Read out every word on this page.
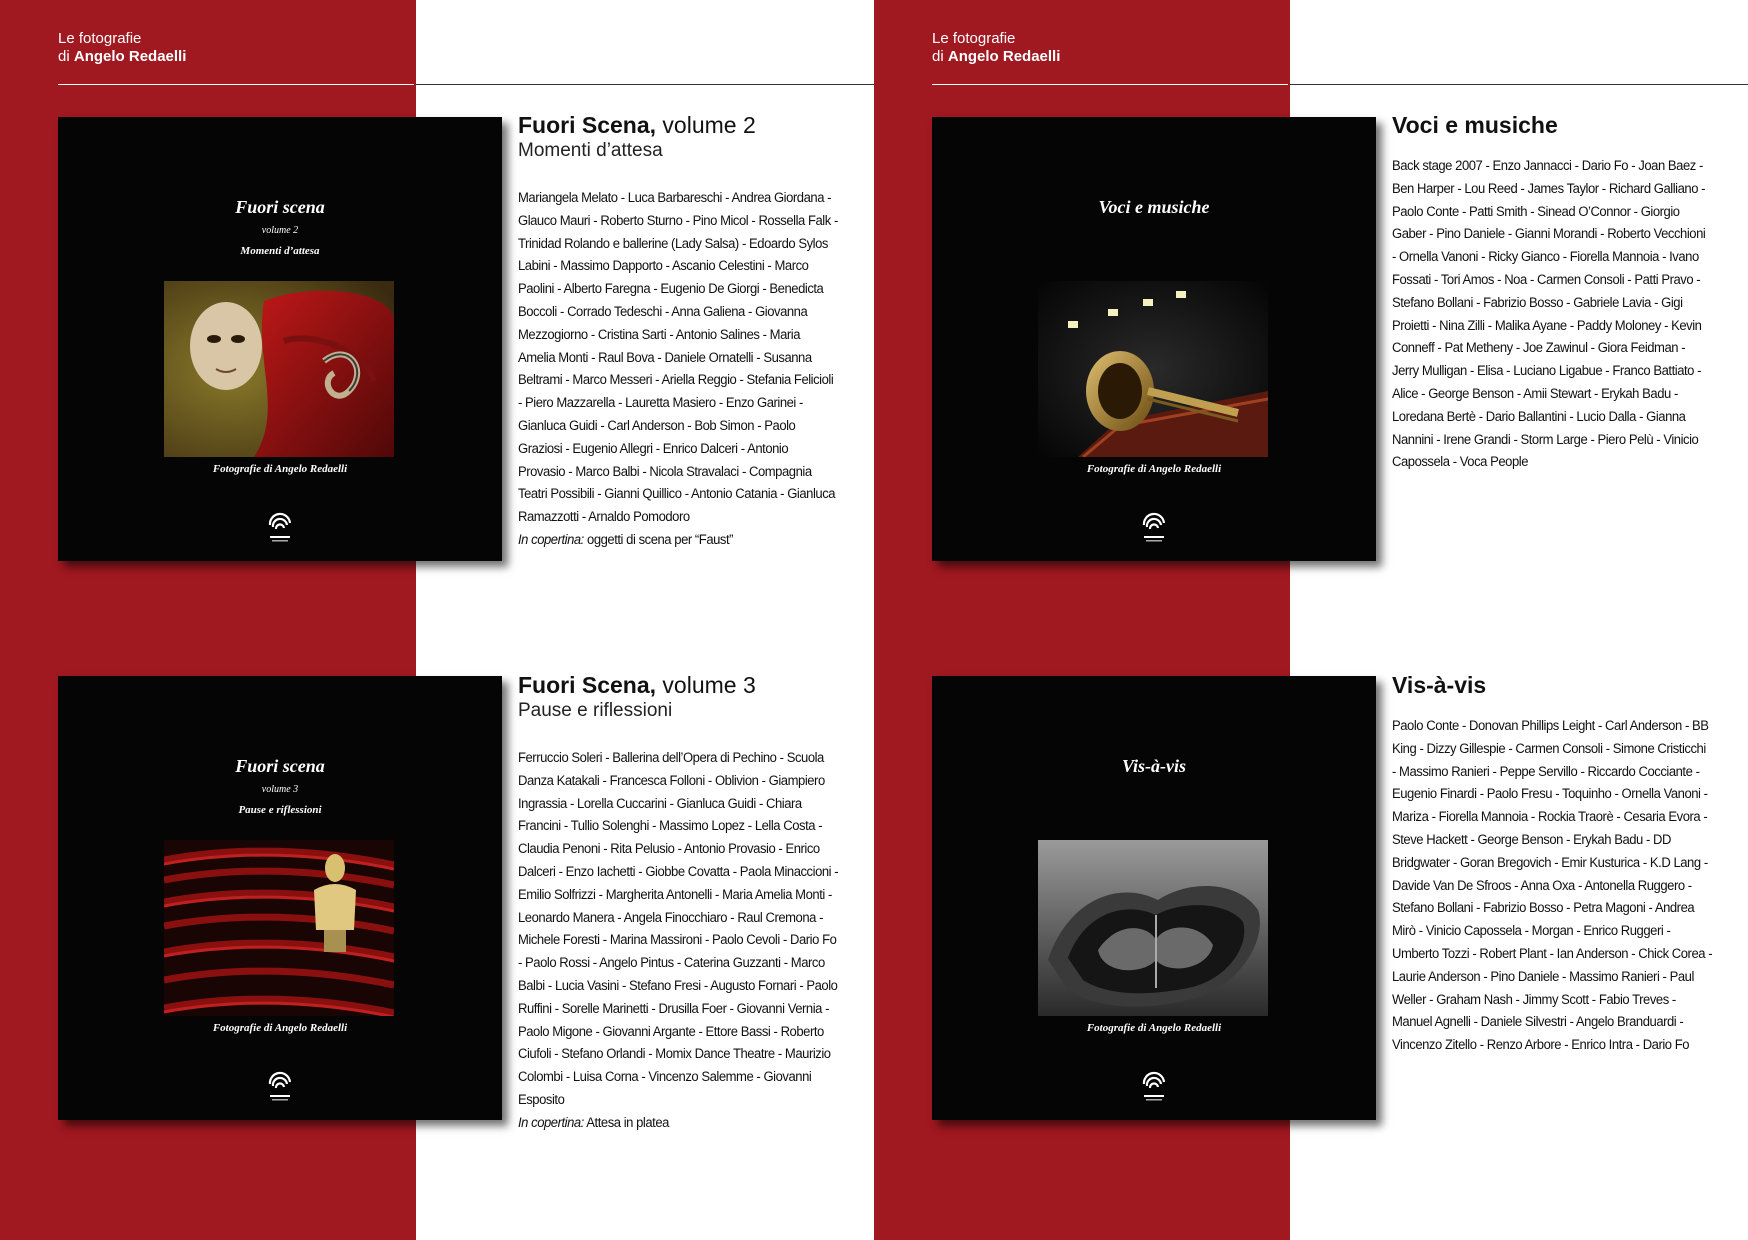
Le fotografie
di Angelo Redaelli
Fuori scena
volume 2
Momenti d’attesa
Fotografie di Angelo Redaelli
Fuori Scena, volume 2
Momenti d’attesa

Mariangela Melato - Luca Barbareschi - Andrea Giordana - Glauco Mauri - Roberto Sturno - Pino Micol - Rossella Falk - Trinidad Rolando e ballerine (Lady Salsa) - Edoardo Sylos Labini - Massimo Dapporto - Ascanio Celestini - Marco Paolini - Alberto Faregna - Eugenio De Giorgi - Benedicta Boccoli - Corrado Tedeschi - Anna Galiena - Giovanna Mezzogiorno - Cristina Sarti - Antonio Salines - Maria Amelia Monti - Raul Bova - Daniele Ornatelli - Susanna Beltrami - Marco Messeri - Ariella Reggio - Stefania Felicioli - Piero Mazzarella - Lauretta Masiero - Enzo Garinei - Gianluca Guidi - Carl Anderson - Bob Simon - Paolo Graziosi - Eugenio Allegri - Enrico Dalceri - Antonio Provasio - Marco Balbi - Nicola Stravalaci - Compagnia Teatri Possibili - Gianni Quillico - Antonio Catania - Gianluca Ramazzotti - Arnaldo Pomodoro

In copertina: oggetti di scena per “Faust”
Fuori scena
volume 3
Pause e riflessioni
Fotografie di Angelo Redaelli
Fuori Scena, volume 3
Pause e riflessioni

Ferruccio Soleri - Ballerina dell’Opera di Pechino - Scuola Danza Katakali - Francesca Folloni - Oblivion - Giampiero Ingrassia - Lorella Cuccarini - Gianluca Guidi - Chiara Francini - Tullio Solenghi - Massimo Lopez - Lella Costa - Claudia Penoni - Rita Pelusio - Antonio Provasio - Enrico Dalceri - Enzo Iachetti - Giobbe Covatta - Paola Minaccioni - Emilio Solfrizzi - Margherita Antonelli - Maria Amelia Monti - Leonardo Manera - Angela Finocchiaro - Raul Cremona - Michele Foresti - Marina Massironi - Paolo Cevoli - Dario Fo - Paolo Rossi - Angelo Pintus - Caterina Guzzanti - Marco Balbi - Lucia Vasini - Stefano Fresi - Augusto Fornari - Paolo Ruffini - Sorelle Marinetti - Drusilla Foer - Giovanni Vernia - Paolo Migone - Giovanni Argante - Ettore Bassi - Roberto Ciufoli - Stefano Orlandi - Momix Dance Theatre - Maurizio Colombi - Luisa Corna - Vincenzo Salemme - Giovanni Esposito

In copertina: Attesa in platea
Le fotografie
di Angelo Redaelli
Voci e musiche
Fotografie di Angelo Redaelli
Voci e musiche

Back stage 2007 - Enzo Jannacci - Dario Fo - Joan Baez - Ben Harper - Lou Reed - James Taylor - Richard Galliano - Paolo Conte - Patti Smith - Sinead O’Connor - Giorgio Gaber - Pino Daniele - Gianni Morandi - Roberto Vecchioni - Ornella Vanoni - Ricky Gianco - Fiorella Mannoia - Ivano Fossati - Tori Amos - Noa - Carmen Consoli - Patti Pravo - Stefano Bollani - Fabrizio Bosso - Gabriele Lavia - Gigi Proietti - Nina Zilli - Malika Ayane - Paddy Moloney - Kevin Conneff - Pat Metheny - Joe Zawinul - Giora Feidman - Jerry Mulligan - Elisa - Luciano Ligabue - Franco Battiato - Alice - George Benson - Amii Stewart - Erykah Badu - Loredana Bertè - Dario Ballantini - Lucio Dalla - Gianna Nannini - Irene Grandi - Storm Large - Piero Pelù - Vinicio Capossela - Voca People

Vis-à-vis
Fotografie di Angelo Redaelli
Vis-à-vis

Paolo Conte - Donovan Phillips Leight - Carl Anderson - BB King - Dizzy Gillespie - Carmen Consoli - Simone Cristicchi - Massimo Ranieri - Peppe Servillo - Riccardo Cocciante - Eugenio Finardi - Paolo Fresu - Toquinho - Ornella Vanoni - Mariza - Fiorella Mannoia - Rockia Traorè - Cesaria Evora -Steve Hackett - George Benson - Erykah Badu - DD Bridgwater - Goran Bregovich - Emir Kusturica - K.D Lang - Davide Van De Sfroos - Anna Oxa - Antonella Ruggero - Stefano Bollani - Fabrizio Bosso - Petra Magoni - Andrea Mirò - Vinicio Capossela - Morgan - Enrico Ruggeri - Umberto Tozzi - Robert Plant - Ian Anderson - Chick Corea - Laurie Anderson - Pino Daniele - Massimo Ranieri - Paul Weller - Graham Nash - Jimmy Scott - Fabio Treves - Manuel Agnelli - Daniele Silvestri - Angelo Branduardi - Vincenzo Zitello - Renzo Arbore - Enrico Intra - Dario Fo
